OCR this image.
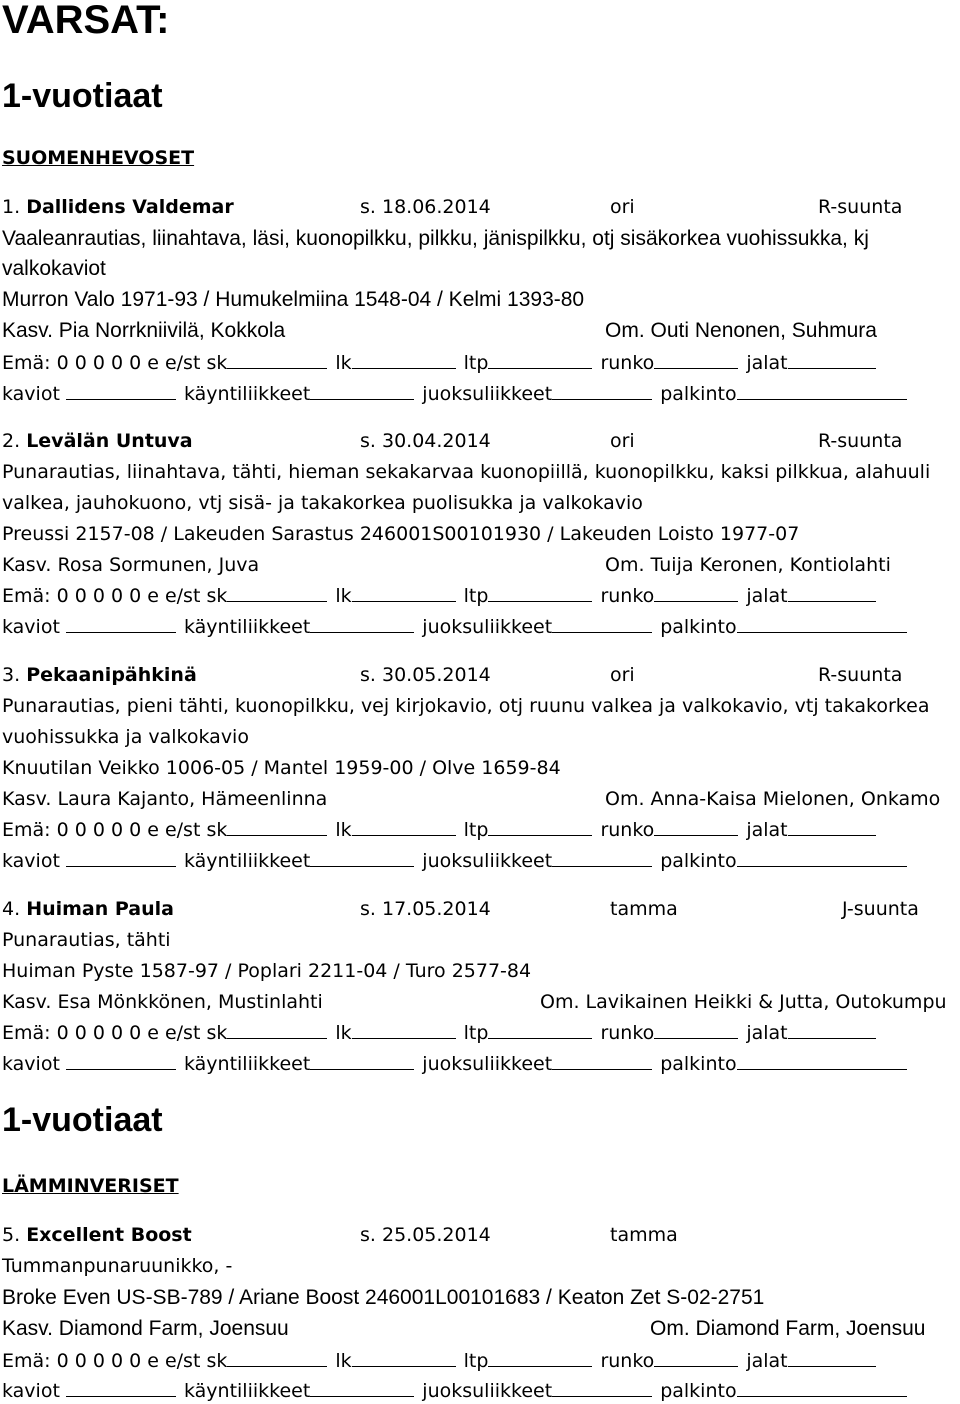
VARSAT:
1-vuotiaat
SUOMENHEVOSET
1. Dallidens Valdemar	s. 18.06.2014	ori	R-suunta
Vaaleanrautias, liinahtava, läsi, kuonopilkku, pilkku, jänispilkku, otj sisäkorkea vuohissukka, kj
valkokaviot
Murron Valo 1971-93 / Humukelmiina 1548-04 / Kelmi 1393-80
Kasv. Pia Norrkniivilä, Kokkola	Om. Outi Nenonen, Suhmura
Emä: 0 0 0 0 0 e e/st sk	lk	ltp	runko	jalat
kaviot	käyntiliikkeet	juoksuliikkeet	palkinto
2. Levälän Untuva	s. 30.04.2014	ori	R-suunta
Punarautias, liinahtava, tähti, hieman sekakarvaa kuonopiillä, kuonopilkku, kaksi pilkkua, alahuuli
valkea, jauhokuono, vtj sisä- ja takakorkea puolisukka ja valkokavio
Preussi 2157-08 / Lakeuden Sarastus 246001S00101930 / Lakeuden Loisto 1977-07
Kasv. Rosa Sormunen, Juva	Om. Tuija Keronen, Kontiolahti
Emä: 0 0 0 0 0 e e/st sk	lk	ltp	runko	jalat
kaviot	käyntiliikkeet	juoksuliikkeet	palkinto
3. Pekaanipähkinä	s. 30.05.2014	ori	R-suunta
Punarautias, pieni tähti, kuonopilkku, vej kirjokavio, otj ruunu valkea ja valkokavio, vtj takakorkea
vuohissukka ja valkokavio
Knuutilan Veikko 1006-05 / Mantel 1959-00 / Olve 1659-84
Kasv. Laura Kajanto, Hämeenlinna	Om. Anna-Kaisa Mielonen, Onkamo
Emä: 0 0 0 0 0 e e/st sk	lk	ltp	runko	jalat
kaviot	käyntiliikkeet	juoksuliikkeet	palkinto
4. Huiman Paula	s. 17.05.2014	tamma	J-suunta
Punarautias, tähti
Huiman Pyste 1587-97 / Poplari 2211-04 / Turo 2577-84
Kasv. Esa Mönkkönen, Mustinlahti	Om. Lavikainen Heikki & Jutta, Outokumpu
Emä: 0 0 0 0 0 e e/st sk	lk	ltp	runko	jalat
kaviot	käyntiliikkeet	juoksuliikkeet	palkinto
1-vuotiaat
LÄMMINVERISET
5. Excellent Boost	s. 25.05.2014	tamma
Tummanpunaruunikko, -
Broke Even US-SB-789 / Ariane Boost 246001L00101683 / Keaton Zet S-02-2751
Kasv. Diamond Farm, Joensuu	Om. Diamond Farm, Joensuu
Emä: 0 0 0 0 0 e e/st sk	lk	ltp	runko	jalat
kaviot	käyntiliikkeet	juoksuliikkeet	palkinto
